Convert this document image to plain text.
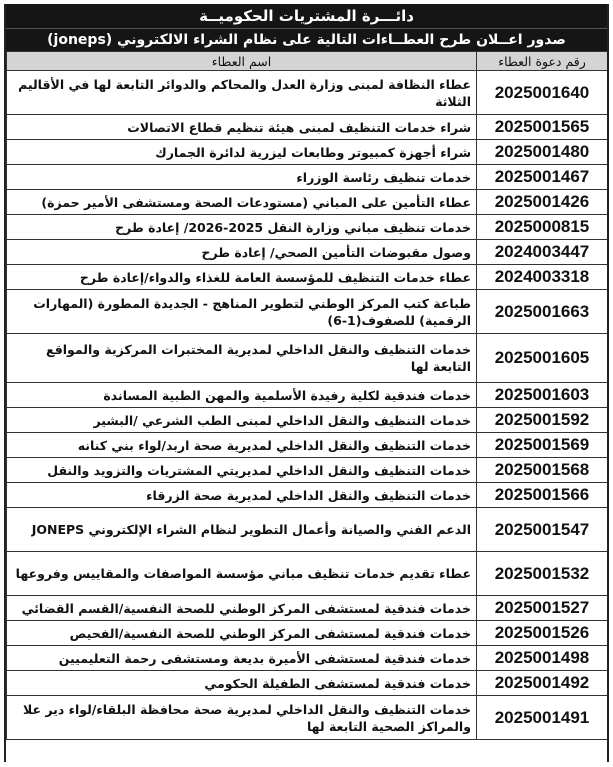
دائـــرة المشتريات الحكوميــة
صدور اعــلان طرح العطــاءات التالية على نظام الشراء الالكتروني (joneps)
رقم دعوة العطاء	اسم العطاء
2025001640	عطاء النظافة لمبنى وزارة العدل والمحاكم والدوائر التابعة لها في الأقاليم الثلاثة
2025001565	شراء خدمات التنظيف لمبنى هيئة تنظيم قطاع الاتصالات
2025001480	شراء أجهزة كمبيوتر وطابعات ليزرية لدائرة الجمارك
2025001467	خدمات تنظيف رئاسة الوزراء
2025001426	عطاء التأمين على المباني (مستودعات الصحة ومستشفى الأمير حمزة)
2025000815	خدمات تنظيف مباني وزارة النقل 2025-2026/ إعادة طرح
2024003447	وصول مقبوضات التأمين الصحي/ إعادة طرح
2024003318	عطاء خدمات التنظيف للمؤسسة العامة للغذاء والدواء/إعادة طرح
2025001663	طباعة كتب المركز الوطني لتطوير المناهج - الجديدة المطورة (المهارات الرقمية) للصفوف(1-6)
2025001605	خدمات التنظيف والنقل الداخلي لمديرية المختبرات المركزية والمواقع التابعة لها
2025001603	خدمات فندقية لكلية رفيدة الأسلمية والمهن الطبية المساندة
2025001592	خدمات التنظيف والنقل الداخلي لمبنى الطب الشرعي /البشير
2025001569	خدمات التنظيف والنقل الداخلي لمديرية صحة اربد/لواء بني كنانه
2025001568	خدمات التنظيف والنقل الداخلي لمديريتي المشتريات والتزويد والنقل
2025001566	خدمات التنظيف والنقل الداخلي لمديرية صحة الزرقاء
2025001547	الدعم الفني والصيانة وأعمال التطوير لنظام الشراء الإلكتروني JONEPS
2025001532	عطاء تقديم خدمات تنظيف مباني مؤسسة المواصفات والمقاييس وفروعها
2025001527	خدمات فندقية لمستشفى المركز الوطني للصحة النفسية/القسم القضائي
2025001526	خدمات فندقية لمستشفى المركز الوطني للصحة النفسية/الفحيص
2025001498	خدمات فندقية لمستشفى الأميرة بديعة ومستشفى رحمة التعليميين
2025001492	خدمات فندقية لمستشفى الطفيلة الحكومي
2025001491	خدمات التنظيف والنقل الداخلي لمديرية صحة محافظة البلقاء/لواء دير علا والمراكز الصحية التابعة لها
